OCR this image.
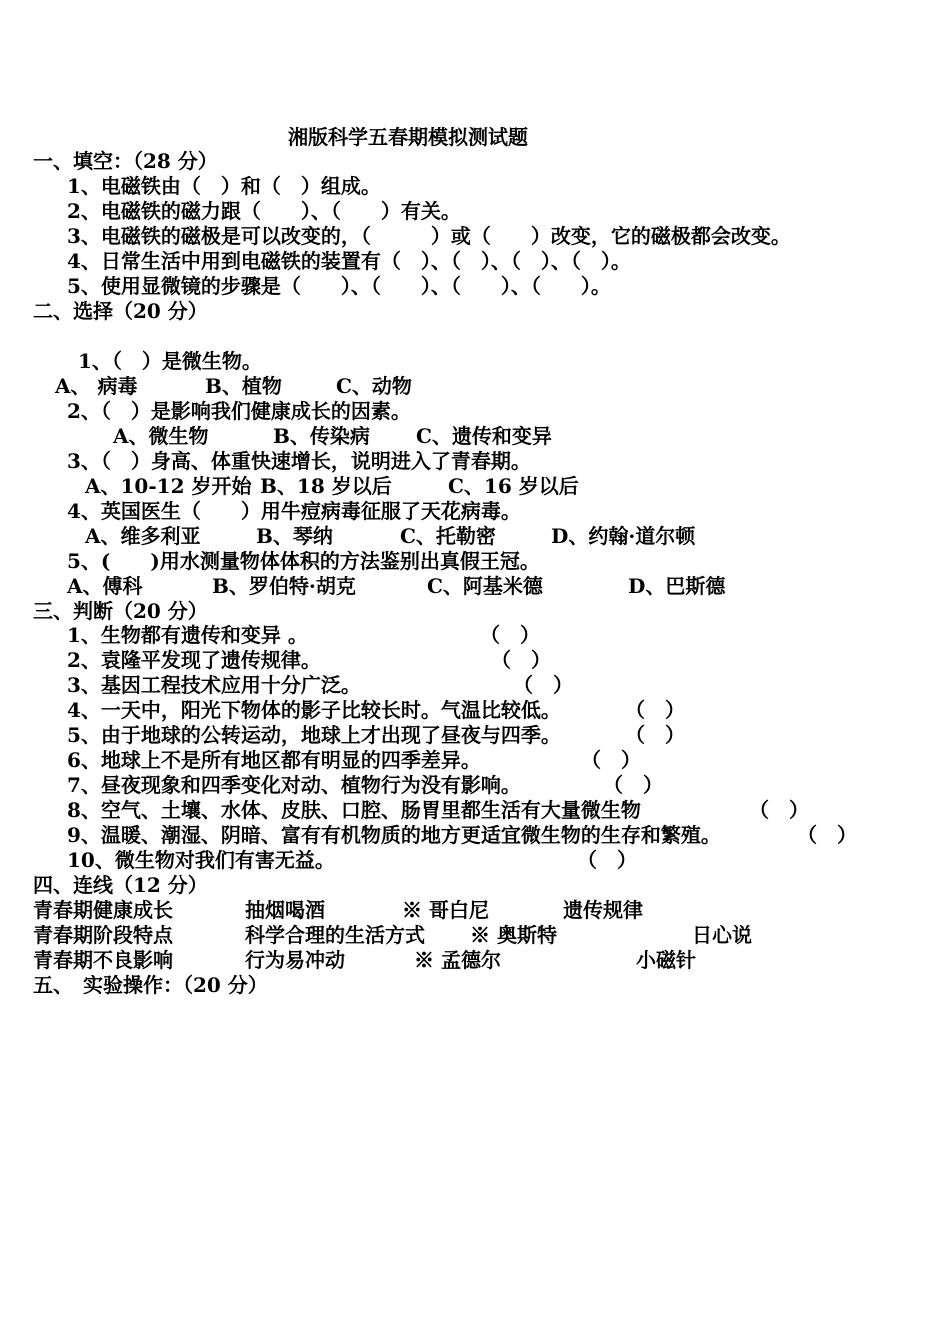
湘版科学五春期模拟测试题
一、填空：（28 分）
1、电磁铁由（　）和（　）组成。
2、电磁铁的磁力跟（　　）、（　　）有关。
3、电磁铁的磁极是可以改变的，（　　　）或（　　）改变，它的磁极都会改变。
4、日常生活中用到电磁铁的装置有（　）、（　）、（　）、（　）。
5、使用显微镜的步骤是（　　）、（　　）、（　　）、（　　）。
二、选择（20 分）
1、（　）是微生物。
A、 病毒	B、植物	C、动物
2、（　）是影响我们健康成长的因素。
A、微生物	B、传染病 C、遗传和变异
3、（　）身高、体重快速增长，说明进入了青春期。
A、10-12 岁开始 B、18 岁以后	C、16 岁以后
4、英国医生（　　）用牛痘病毒征服了天花病毒。
A、维多利亚	B、琴纳	C、托勒密	D、约翰·道尔顿
5、(　　)用水测量物体体积的方法鉴别出真假王冠。
A、傅科	B、罗伯特·胡克	C、阿基米德	D、巴斯德
三、判断（20 分）
1、生物都有遗传和变异 。	（　）
2、袁隆平发现了遗传规律。	（　）
3、基因工程技术应用十分广泛。	（　）
4、一天中，阳光下物体的影子比较长时。气温比较低。	（　）
5、由于地球的公转运动，地球上才出现了昼夜与四季。	（　）
6、地球上不是所有地区都有明显的四季差异。	（　）
7、昼夜现象和四季变化对动、植物行为没有影响。	（　）
8、空气、土壤、水体、皮肤、口腔、肠胃里都生活有大量微生物	（　）
9、温暖、潮湿、阴暗、富有有机物质的地方更适宜微生物的生存和繁殖。	（　）
10、微生物对我们有害无益。	（　）
四、连线（12 分）
青春期健康成长	抽烟喝酒	※ 哥白尼	遗传规律
青春期阶段特点	科学合理的生活方式 ※ 奥斯特	日心说
青春期不良影响	行为易冲动	※ 孟德尔	小磁针
五、　实验操作：（20 分）
